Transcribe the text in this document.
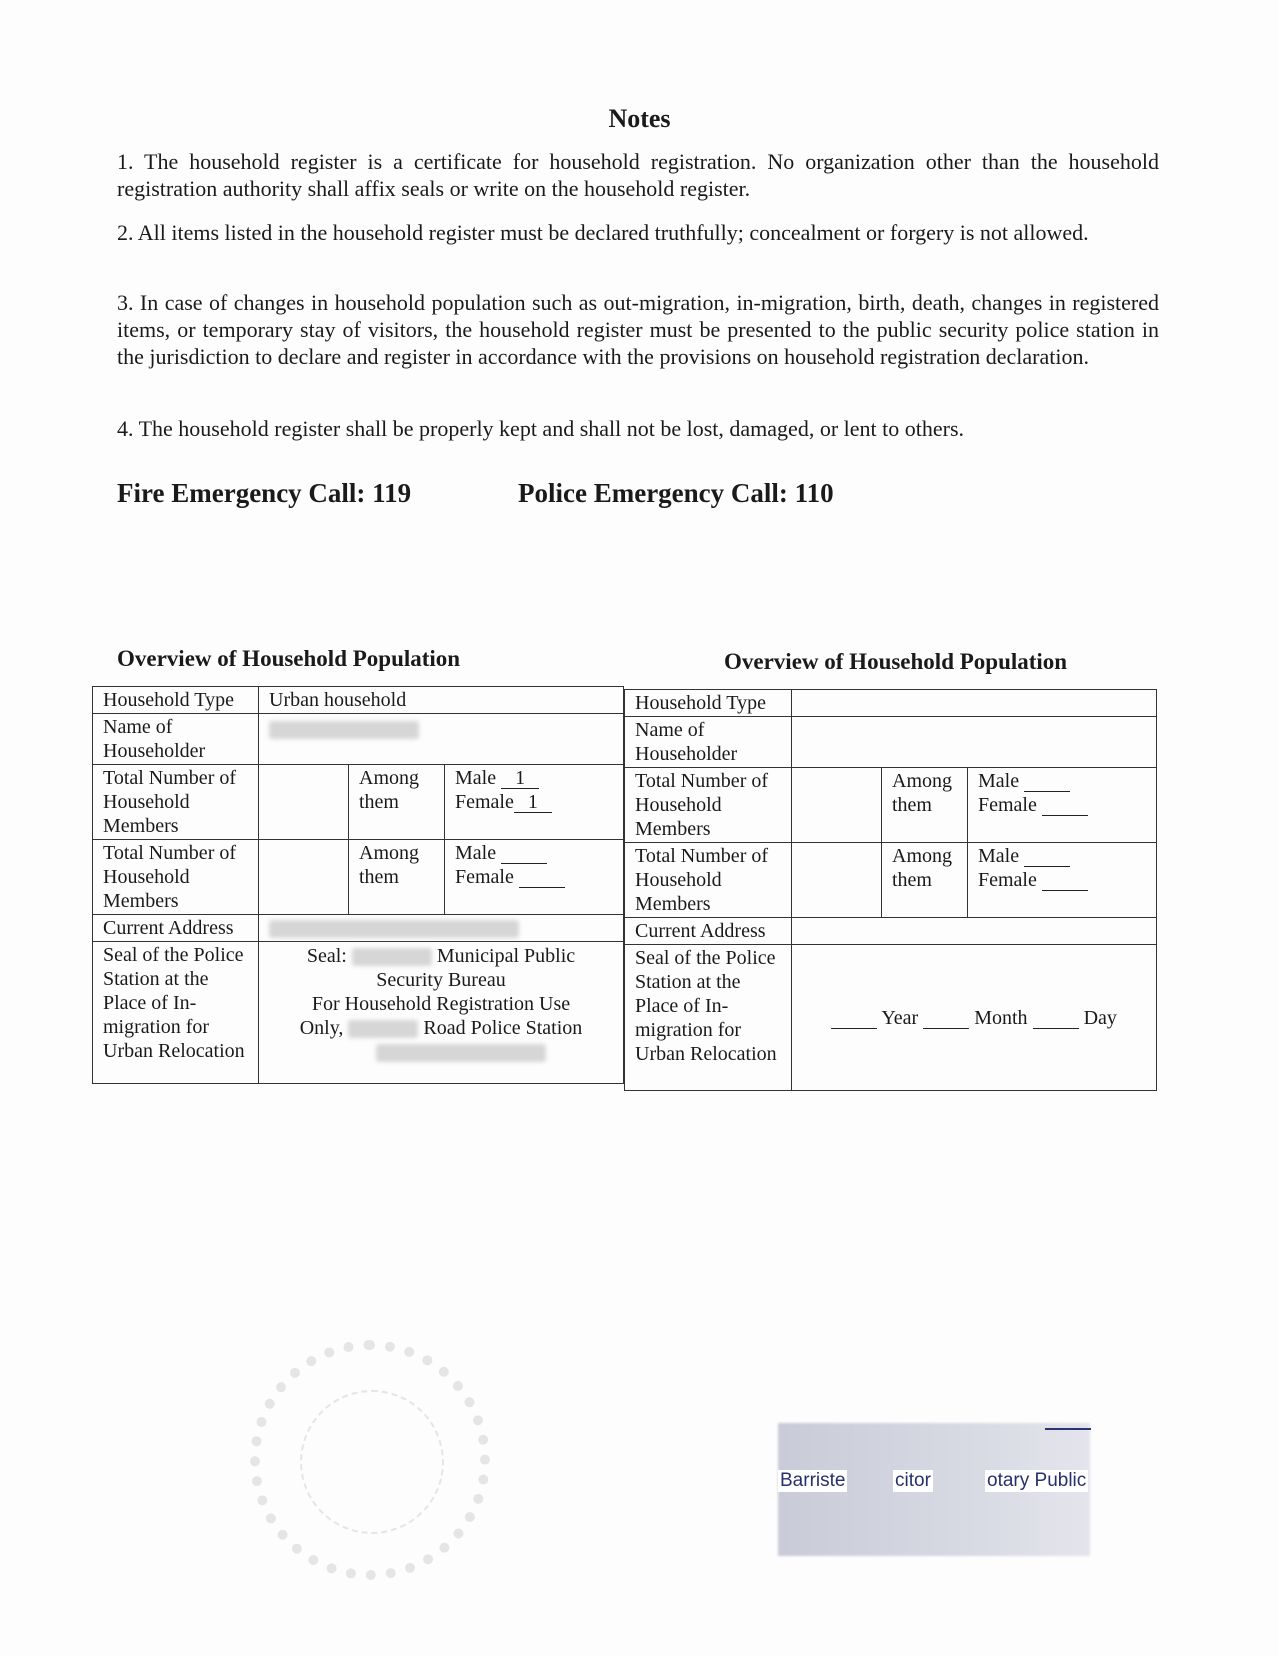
Notes
1. The household register is a certificate for household registration. No organization other than the household registration authority shall affix seals or write on the household register.
2. All items listed in the household register must be declared truthfully; concealment or forgery is not allowed.
3. In case of changes in household population such as out-migration, in-migration, birth, death, changes in registered items, or temporary stay of visitors, the household register must be presented to the public security police station in the jurisdiction to declare and register in accordance with the provisions on household registration declaration.
4. The household register shall be properly kept and shall not be lost, damaged, or lent to others.
Fire Emergency Call: 119	Police Emergency Call: 110
Overview of Household Population	Overview of Household Population
Household Type	Urban household		
Name of Householder			
Total Number of Household Members		Among them	Male 1
Female 1

Total Number of Household Members		Among them	Male
Female

Current Address			
Seal of the Police Station at the Place of In-migration for Urban Relocation	Seal: Municipal Public
Security Bureau
For Household Registration Use
Only, Road Police Station		
Household Type			
Name of Householder			
Total Number of Household Members		Among them	Male
Female

Total Number of Household Members		Among them	Male
Female

Current Address			
Seal of the Police Station at the Place of In-migration for Urban Relocation	Year Month Day		
Barriste	citor	otary Public
